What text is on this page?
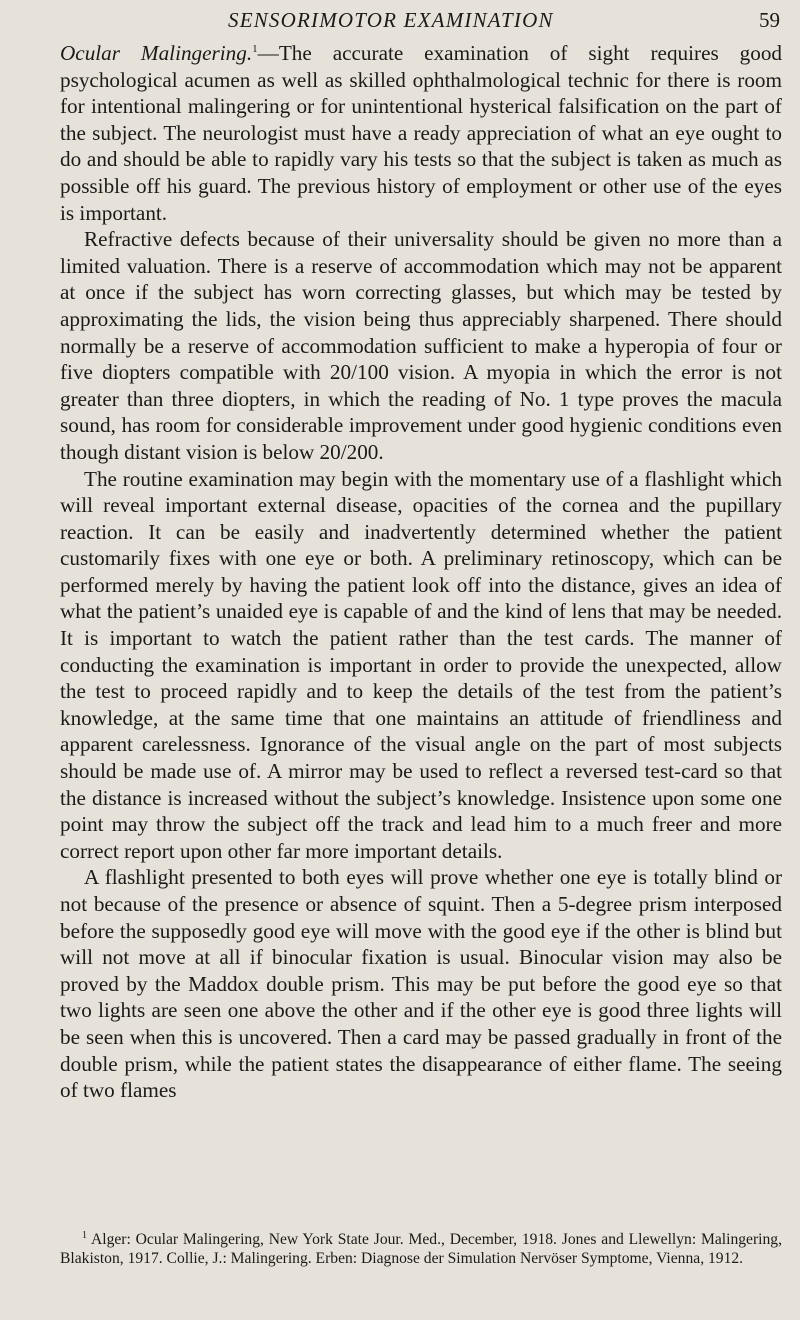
SENSORIMOTOR EXAMINATION	59

Ocular Malingering.$^1$—The accurate examination of sight requires good psychological acumen as well as skilled ophthalmological technic for there is room for intentional malingering or for unintentional hysterical falsification on the part of the subject. The neurologist must have a ready appreciation of what an eye ought to do and should be able to rapidly vary his tests so that the subject is taken as much as possible off his guard. The previous history of employment or other use of the eyes is important.

Refractive defects because of their universality should be given no more than a limited valuation. There is a reserve of accommodation which may not be apparent at once if the subject has worn correcting glasses, but which may be tested by approximating the lids, the vision being thus appreciably sharpened. There should normally be a reserve of accommodation sufficient to make a hyperopia of four or five diopters compatible with 20/100 vision. A myopia in which the error is not greater than three diopters, in which the reading of No. 1 type proves the macula sound, has room for considerable improvement under good hygienic conditions even though distant vision is below 20/200.

The routine examination may begin with the momentary use of a flashlight which will reveal important external disease, opacities of the cornea and the pupillary reaction. It can be easily and inadvertently determined whether the patient customarily fixes with one eye or both. A preliminary retinoscopy, which can be performed merely by having the patient look off into the distance, gives an idea of what the patient’s unaided eye is capable of and the kind of lens that may be needed. It is important to watch the patient rather than the test cards. The manner of conducting the examination is important in order to provide the unexpected, allow the test to proceed rapidly and to keep the details of the test from the patient’s knowledge, at the same time that one maintains an attitude of friendliness and apparent carelessness. Ignorance of the visual angle on the part of most subjects should be made use of. A mirror may be used to reflect a reversed test-card so that the distance is increased without the subject’s knowledge. Insistence upon some one point may throw the subject off the track and lead him to a much freer and more correct report upon other far more important details.

A flashlight presented to both eyes will prove whether one eye is totally blind or not because of the presence or absence of squint. Then a 5-degree prism interposed before the supposedly good eye will move with the good eye if the other is blind but will not move at all if binocular fixation is usual. Binocular vision may also be proved by the Maddox double prism. This may be put before the good eye so that two lights are seen one above the other and if the other eye is good three lights will be seen when this is uncovered. Then a card may be passed gradually in front of the double prism, while the patient states the disappearance of either flame. The seeing of two flames

$^1$ Alger: Ocular Malingering, New York State Jour. Med., December, 1918. Jones and Llewellyn: Malingering, Blakiston, 1917. Collie, J.: Malingering. Erben: Diagnose der Simulation Nervöser Symptome, Vienna, 1912.
